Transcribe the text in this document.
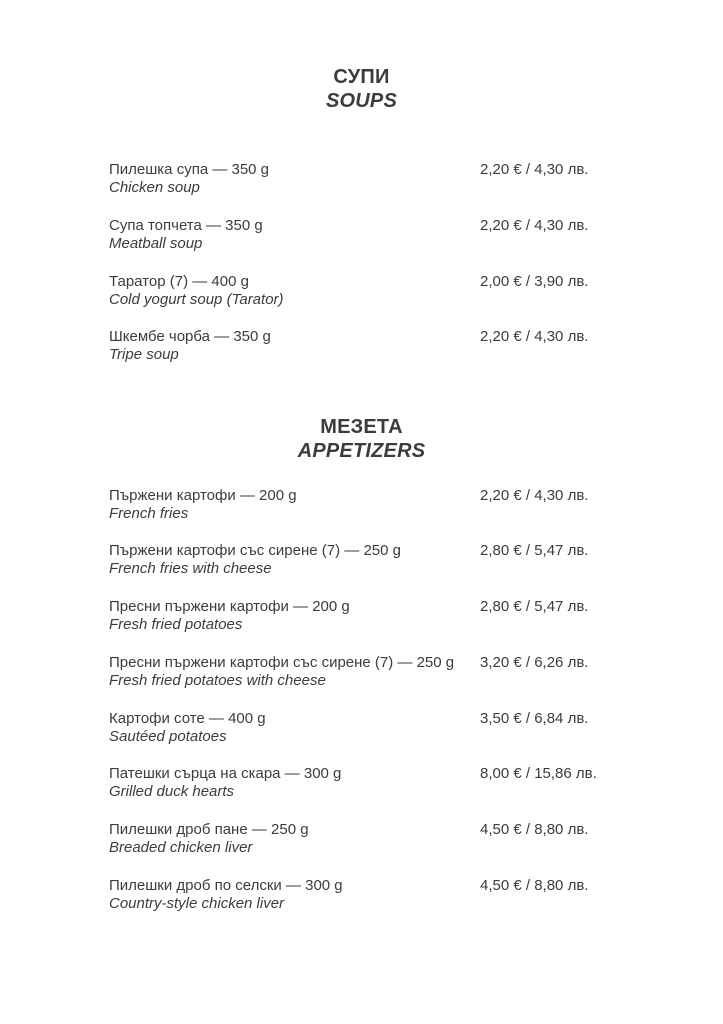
СУПИ
SOUPS
Пилешка супа — 350 g
Chicken soup
2,20 € / 4,30 лв.
Супа топчета — 350 g
Meatball soup
2,20 € / 4,30 лв.
Таратор (7) — 400 g
Cold yogurt soup (Tarator)
2,00 € / 3,90 лв.
Шкембе чорба — 350 g
Tripe soup
2,20 € / 4,30 лв.
МЕЗЕТА
APPETIZERS
Пържени картофи — 200 g
French fries
2,20 € / 4,30 лв.
Пържени картофи със сирене (7) — 250 g
French fries with cheese
2,80 € / 5,47 лв.
Пресни пържени картофи — 200 g
Fresh fried potatoes
2,80 € / 5,47 лв.
Пресни пържени картофи със сирене (7) — 250 g
Fresh fried potatoes with cheese
3,20 € / 6,26 лв.
Картофи соте — 400 g
Sautéed potatoes
3,50 € / 6,84 лв.
Патешки сърца на скара — 300 g
Grilled duck hearts
8,00 € / 15,86 лв.
Пилешки дроб пане — 250 g
Breaded chicken liver
4,50 € / 8,80 лв.
Пилешки дроб по селски — 300 g
Country-style chicken liver
4,50 € / 8,80 лв.
